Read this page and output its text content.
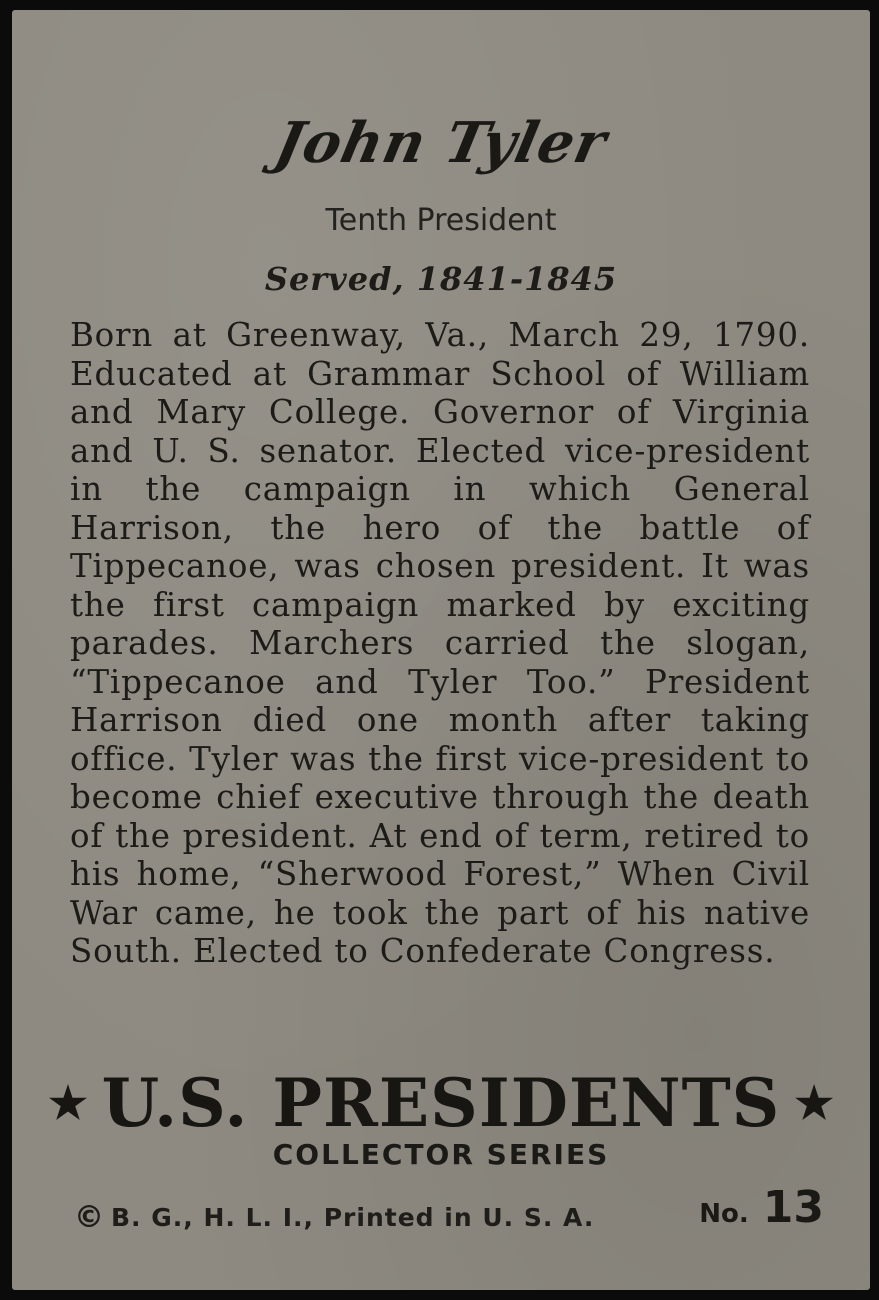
John Tyler
Tenth President
Served, 1841-1845
Born at Greenway, Va., March 29, 1790. Educated at Grammar School of William and Mary College. Governor of Virginia and U. S. senator. Elected vice-president in the campaign in which General Harrison, the hero of the battle of Tippecanoe, was chosen president. It was the first campaign marked by exciting parades. Marchers carried the slogan, “Tippecanoe and Tyler Too.” President Harrison died one month after taking office. Tyler was the first vice-president to become chief executive through the death of the president. At end of term, retired to his home, “Sherwood Forest,” When Civil War came, he took the part of his native South. Elected to Confederate Congress.
★ U.S. PRESIDENTS ★
COLLECTOR SERIES
© B. G., H. L. I., Printed in U. S. A.	No. 13
